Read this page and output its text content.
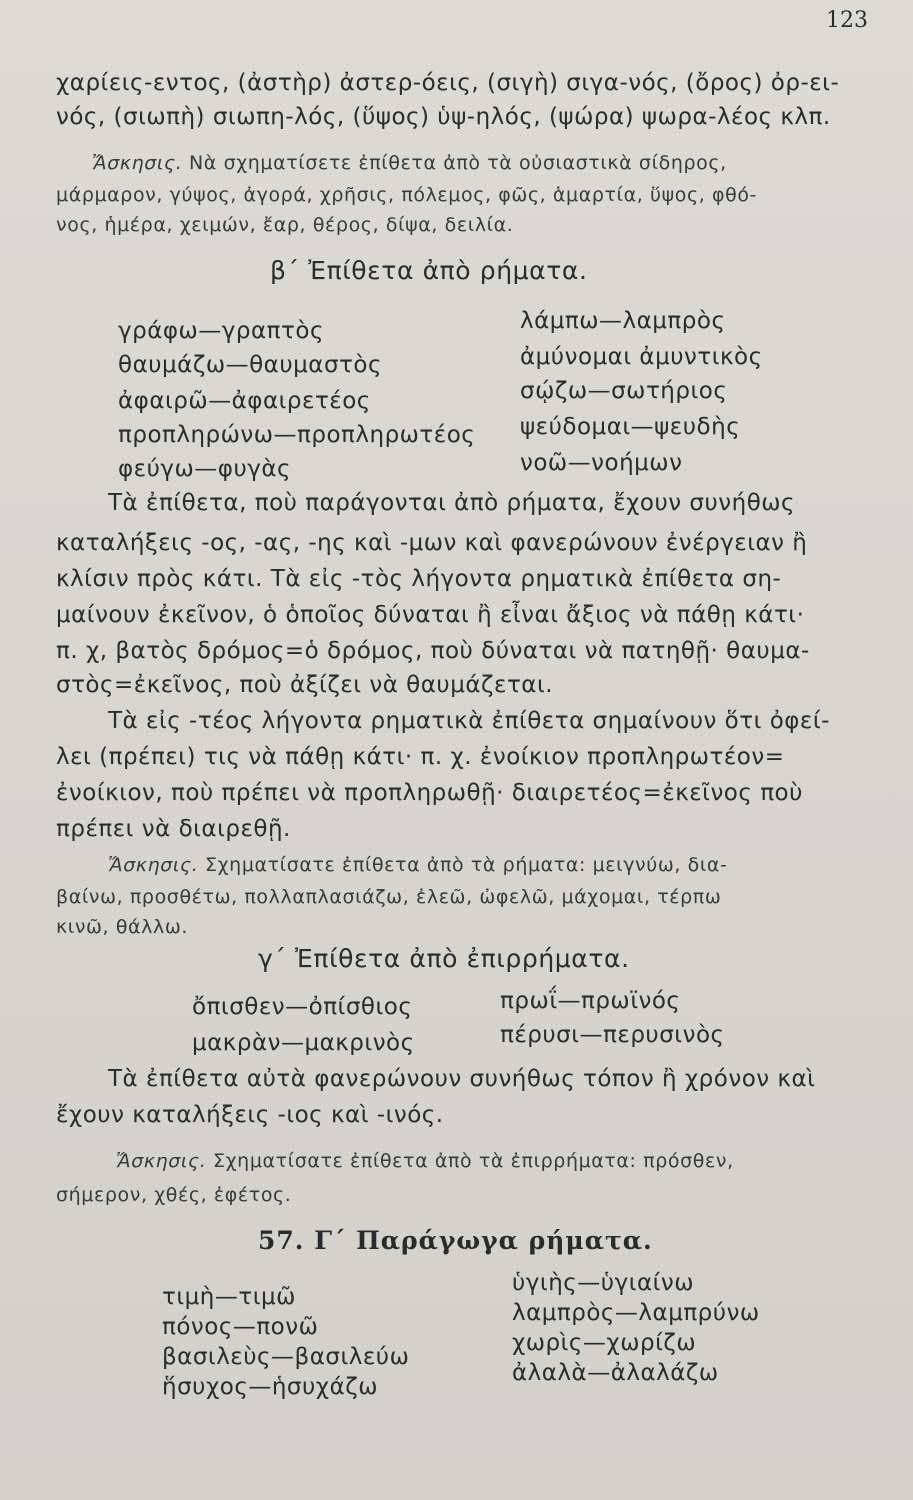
123
χαρίεις-εντος, (ἀστὴρ) ἀστερ-όεις, (σιγὴ) σιγα-νός, (ὄρος) ὀρ-ει-
νός, (σιωπὴ) σιωπη-λός, (ὕψος) ὑψ-ηλός, (ψώρα) ψωρα-λέος κλπ.
Ἄσκησις. Νὰ σχηματίσετε ἐπίθετα ἀπὸ τὰ οὐσιαστικὰ σίδηρος,
μάρμαρον, γύψος, ἀγορά, χρῆσις, πόλεμος, φῶς, ἁμαρτία, ὕψος, φθό-
νος, ἡμέρα, χειμών, ἔαρ, θέρος, δίψα, δειλία.
β΄ Ἐπίθετα ἀπὸ ρήματα.
γράφω—γραπτὸς
θαυμάζω—θαυμαστὸς
ἀφαιρῶ—ἀφαιρετέος
προπληρώνω—προπληρωτέος
φεύγω—φυγὰς
λάμπω—λαμπρὸς
ἀμύνομαι ἀμυντικὸς
σῴζω—σωτήριος
ψεύδομαι—ψευδὴς
νοῶ—νοήμων
Τὰ ἐπίθετα, ποὺ παράγονται ἀπὸ ρήματα, ἔχουν συνήθως
καταλήξεις -ος, -ας, -ης καὶ -μων καὶ φανερώνουν ἐνέργειαν ἢ
κλίσιν πρὸς κάτι. Τὰ εἰς -τὸς λήγοντα ρηματικὰ ἐπίθετα ση-
μαίνουν ἐκεῖνον, ὁ ὁποῖος δύναται ἢ εἶναι ἄξιος νὰ πάθῃ κάτι·
π. χ, βατὸς δρόμος=ὁ δρόμος, ποὺ δύναται νὰ πατηθῇ· θαυμα-
στὸς=ἐκεῖνος, ποὺ ἀξίζει νὰ θαυμάζεται.
Τὰ εἰς -τέος λήγοντα ρηματικὰ ἐπίθετα σημαίνουν ὅτι ὀφεί-
λει (πρέπει) τις νὰ πάθῃ κάτι· π. χ. ἐνοίκιον προπληρωτέον=
ἐνοίκιον, ποὺ πρέπει νὰ προπληρωθῇ· διαιρετέος=ἐκεῖνος ποὺ
πρέπει νὰ διαιρεθῇ.
Ἄσκησις. Σχηματίσατε ἐπίθετα ἀπὸ τὰ ρήματα: μειγνύω, δια-
βαίνω, προσθέτω, πολλαπλασιάζω, ἐλεῶ, ὠφελῶ, μάχομαι, τέρπω
κινῶ, θάλλω.
γ΄ Ἐπίθετα ἀπὸ ἐπιρρήματα.
ὄπισθεν—ὀπίσθιος
μακρὰν—μακρινὸς
πρωΐ—πρωϊνός
πέρυσι—περυσινὸς
Τὰ ἐπίθετα αὐτὰ φανερώνουν συνήθως τόπον ἢ χρόνον καὶ
ἔχουν καταλήξεις -ιος καὶ -ινός.
Ἄσκησις. Σχηματίσατε ἐπίθετα ἀπὸ τὰ ἐπιρρήματα: πρόσθεν,
σήμερον, χθές, ἐφέτος.
57. Γ΄ Παράγωγα ρήματα.
τιμὴ—τιμῶ
πόνος—πονῶ
βασιλεὺς—βασιλεύω
ἥσυχος—ἡσυχάζω
ὑγιὴς—ὑγιαίνω
λαμπρὸς—λαμπρύνω
χωρὶς—χωρίζω
ἀλαλὰ—ἀλαλάζω
